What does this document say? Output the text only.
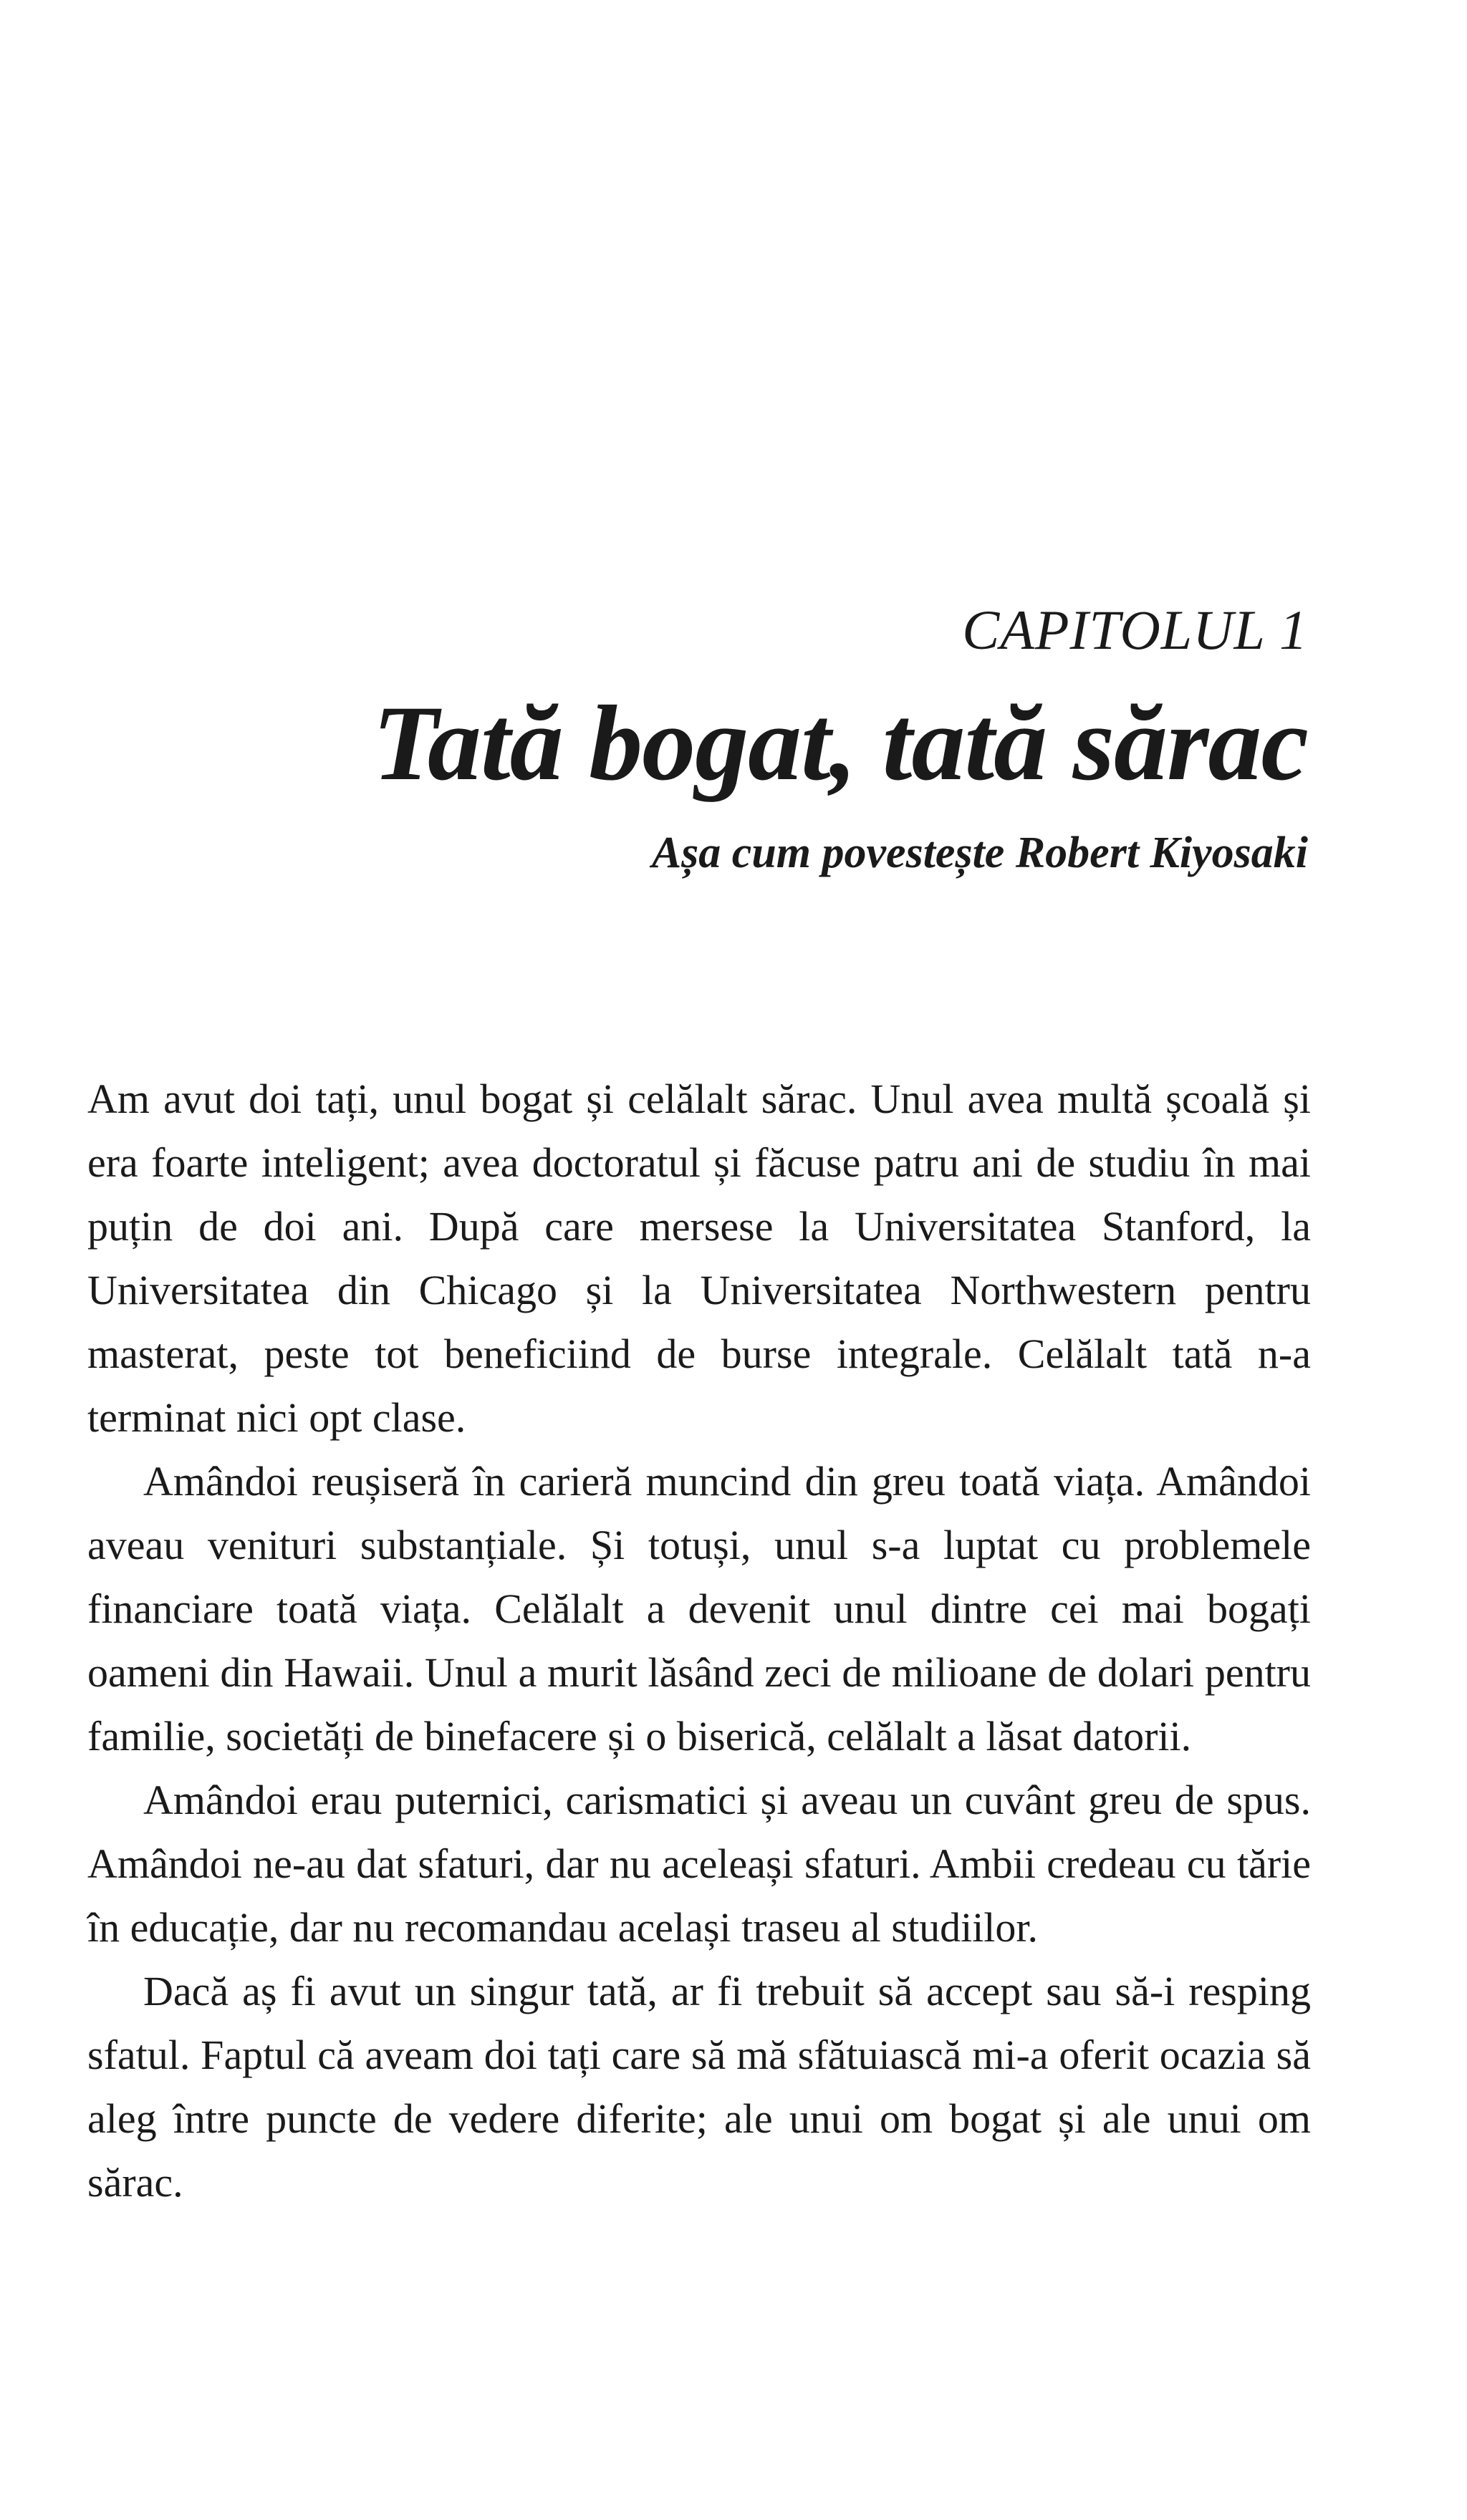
CAPITOLUL 1
Tată bogat, tată sărac
Așa cum povestește Robert Kiyosaki

Am avut doi tați, unul bogat și celălalt sărac. Unul avea multă școală și era foarte inteligent; avea doctoratul și făcuse patru ani de studiu în mai puțin de doi ani. După care mersese la Universitatea Stanford, la Universitatea din Chicago și la Universitatea Northwestern pentru masterat, peste tot beneficiind de burse integrale. Celălalt tată n-a terminat nici opt clase.

Amândoi reușiseră în carieră muncind din greu toată viața. Amândoi aveau venituri substanțiale. Și totuși, unul s-a luptat cu problemele financiare toată viața. Celălalt a devenit unul dintre cei mai bogați oameni din Hawaii. Unul a murit lăsând zeci de milioane de dolari pentru familie, societăți de binefacere și o biserică, celălalt a lăsat datorii.

Amândoi erau puternici, carismatici și aveau un cuvânt greu de spus. Amândoi ne-au dat sfaturi, dar nu aceleași sfaturi. Ambii credeau cu tărie în educație, dar nu recomandau același traseu al studiilor.

Dacă aș fi avut un singur tată, ar fi trebuit să accept sau să-i resping sfatul. Faptul că aveam doi tați care să mă sfătuiască mi-a oferit ocazia să aleg între puncte de vedere diferite; ale unui om bogat și ale unui om sărac.
